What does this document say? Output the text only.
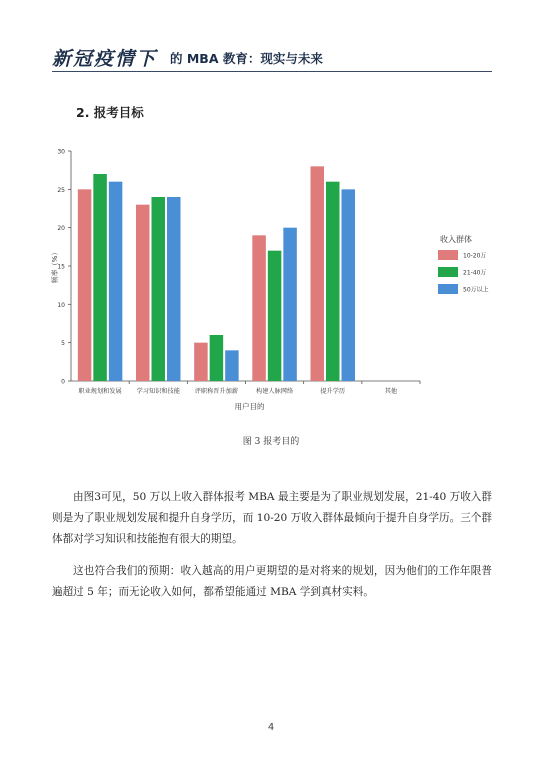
新冠疫情下 的 MBA 教育：现实与未来
2. 报考目标
0
5
10
15
20
25
30
频率（%）
职业规划和发展 学习知识和技能 评职称晋升加薪	构建人脉网络	提升学历	其他
用户目的
收入群体
10-20万
21-40万
50万以上
图 3 报考目的

由图3可见，50 万以上收入群体报考 MBA 最主要是为了职业规划发展，21-40 万收入群则是为了职业规划发展和提升自身学历，而 10-20 万收入群体最倾向于提升自身学历。三个群体都对学习知识和技能抱有很大的期望。

这也符合我们的预期：收入越高的用户更期望的是对将来的规划，因为他们的工作年限普遍超过 5 年；而无论收入如何，都希望能通过 MBA 学到真材实料。

4
